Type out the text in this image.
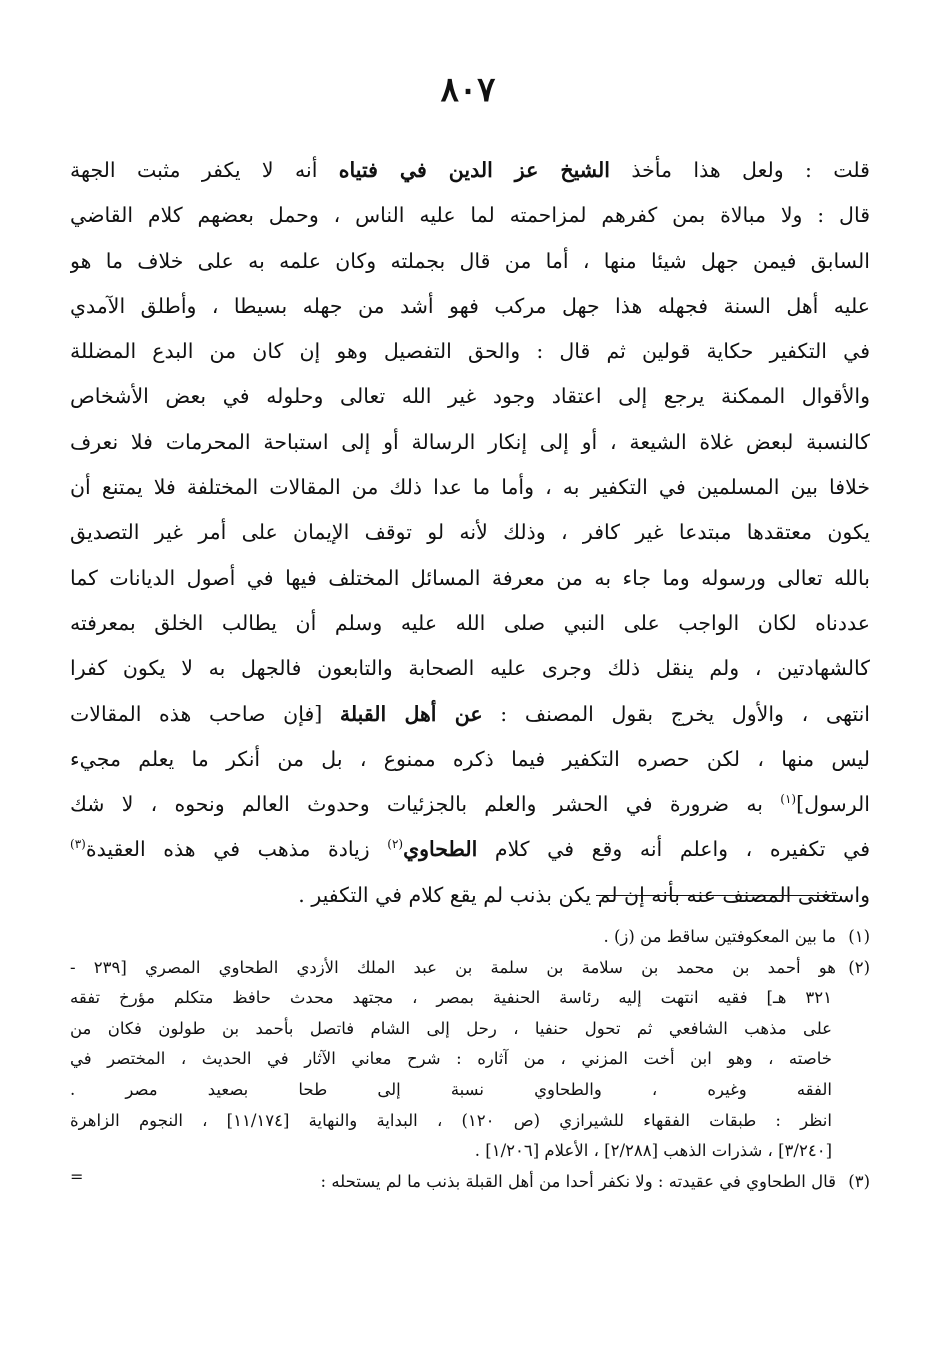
٨٠٧
قلت : ولعل هذا مأخذ الشيخ عز الدين في فتياه أنه لا يكفر مثبت الجهة
قال : ولا مبالاة بمن كفرهم لمزاحمته لما عليه الناس ، وحمل بعضهم كلام القاضي
السابق فيمن جهل شيئا منها ، أما من قال بجملته وكان علمه به على خلاف ما هو
عليه أهل السنة فجهله هذا جهل مركب فهو أشد من جهله بسيطا ، وأطلق الآمدي
في التكفير حكاية قولين ثم قال : والحق التفصيل وهو إن كان من البدع المضللة
والأقوال الممكنة يرجع إلى اعتقاد وجود غير الله تعالى وحلوله في بعض الأشخاص
كالنسبة لبعض غلاة الشيعة ، أو إلى إنكار الرسالة أو إلى استباحة المحرمات فلا نعرف
خلافا بين المسلمين في التكفير به ، وأما ما عدا ذلك من المقالات المختلفة فلا يمتنع أن
يكون معتقدها مبتدعا غير كافر ، وذلك لأنه لو توقف الإيمان على أمر غير التصديق
بالله تعالى ورسوله وما جاء به من معرفة المسائل المختلف فيها في أصول الديانات كما
عددناه لكان الواجب على النبي صلى الله عليه وسلم أن يطالب الخلق بمعرفته
كالشهادتين ، ولم ينقل ذلك وجرى عليه الصحابة والتابعون فالجهل به لا يكون كفرا
انتهى ، والأول يخرج بقول المصنف : عن أهل القبلة [فإن صاحب هذه المقالات
ليس منها ، لكن حصره التكفير فيما ذكره ممنوع ، بل من أنكر ما يعلم مجيء
الرسول]$^{(١)}$ به ضرورة في الحشر والعلم بالجزئيات وحدوث العالم ونحوه ، لا شك
في تكفيره ، واعلم أنه وقع في كلام الطحاوي$^{(٢)}$ زيادة مذهب في هذه العقيدة$^{(٣)}$
واستغنى المصنف عنه بأنه إن لم يكن بذنب لم يقع كلام في التكفير .
(١)ما بين المعكوفتين ساقط من (ز) .
(٢)هو أحمد بن محمد بن سلامة بن سلمة بن عبد الملك الأزدي الطحاوي المصري [٢٣٩ -
٣٢١ هـ] فقيه انتهت إليه رئاسة الحنفية بمصر ، مجتهد محدث حافظ متكلم مؤرخ تفقه
على مذهب الشافعي ثم تحول حنفيا ، رحل إلى الشام فاتصل بأحمد بن طولون فكان من
خاصته ، وهو ابن أخت المزني ، من آثاره : شرح معاني الآثار في الحديث ، المختصر في
الفقه وغيره ، والطحاوي نسبة إلى طحا بصعيد مصر .
انظر : طبقات الفقهاء للشيرازي (ص ١٢٠) ، البداية والنهاية [١١/١٧٤] ، النجوم الزاهرة
[٣/٢٤٠] ، شذرات الذهب [٢/٢٨٨] ، الأعلام [١/٢٠٦] .
(٣)قال الطحاوي في عقيدته : ولا نكفر أحدا من أهل القبلة بذنب ما لم يستحله :
=
